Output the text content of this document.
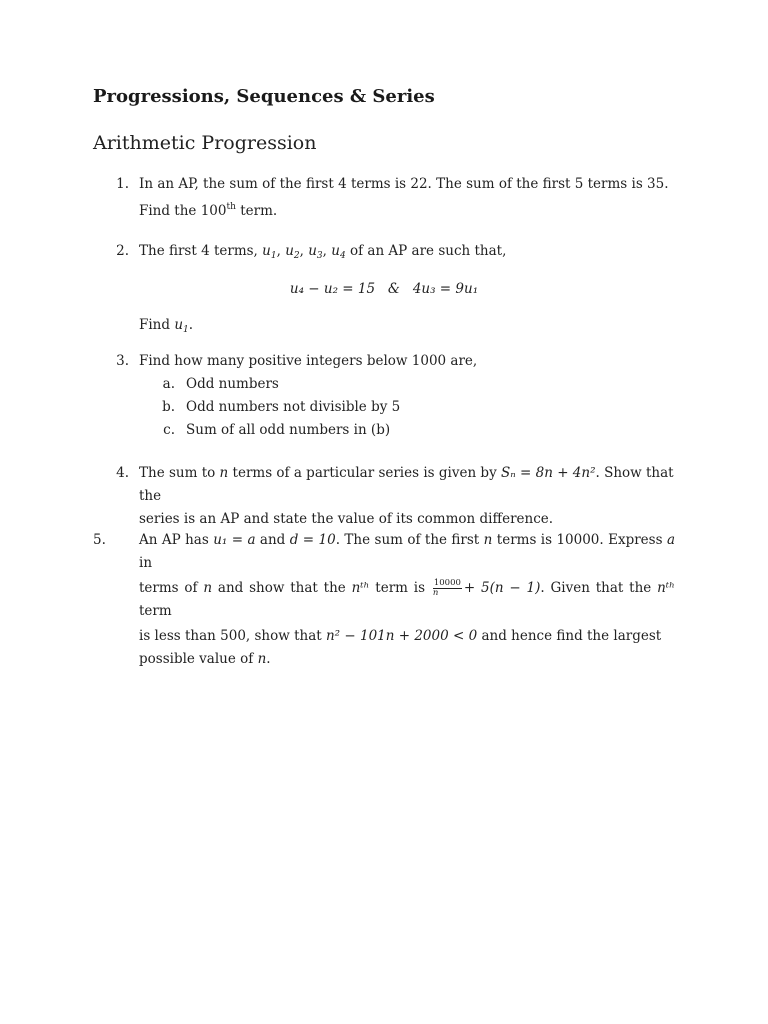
Progressions, Sequences & Series
Arithmetic Progression
1. In an AP, the sum of the first 4 terms is 22. The sum of the first 5 terms is 35.
Find the 100th term.
2. The first 4 terms, $u_1$, $u_2$, $u_3$, $u_4$ of an AP are such that,
u₄ − u₂ = 15   &   4u₃ = 9u₁
Find $u_1$.
3. Find how many positive integers below 1000 are,
a. Odd numbers
b. Odd numbers not divisible by 5
c. Sum of all odd numbers in (b)
4. The sum to n terms of a particular series is given by Sₙ = 8n + 4n². Show that the
series is an AP and state the value of its common difference.
5.	An AP has u₁ = a and d = 10. The sum of the first n terms is 10000. Express a in
terms of n and show that the nᵗʰ term is $\frac{10000}{n} + 5(n - 1)$. Given that the nᵗʰ term
is less than 500, show that n² − 101n + 2000 < 0 and hence find the largest
possible value of n.
